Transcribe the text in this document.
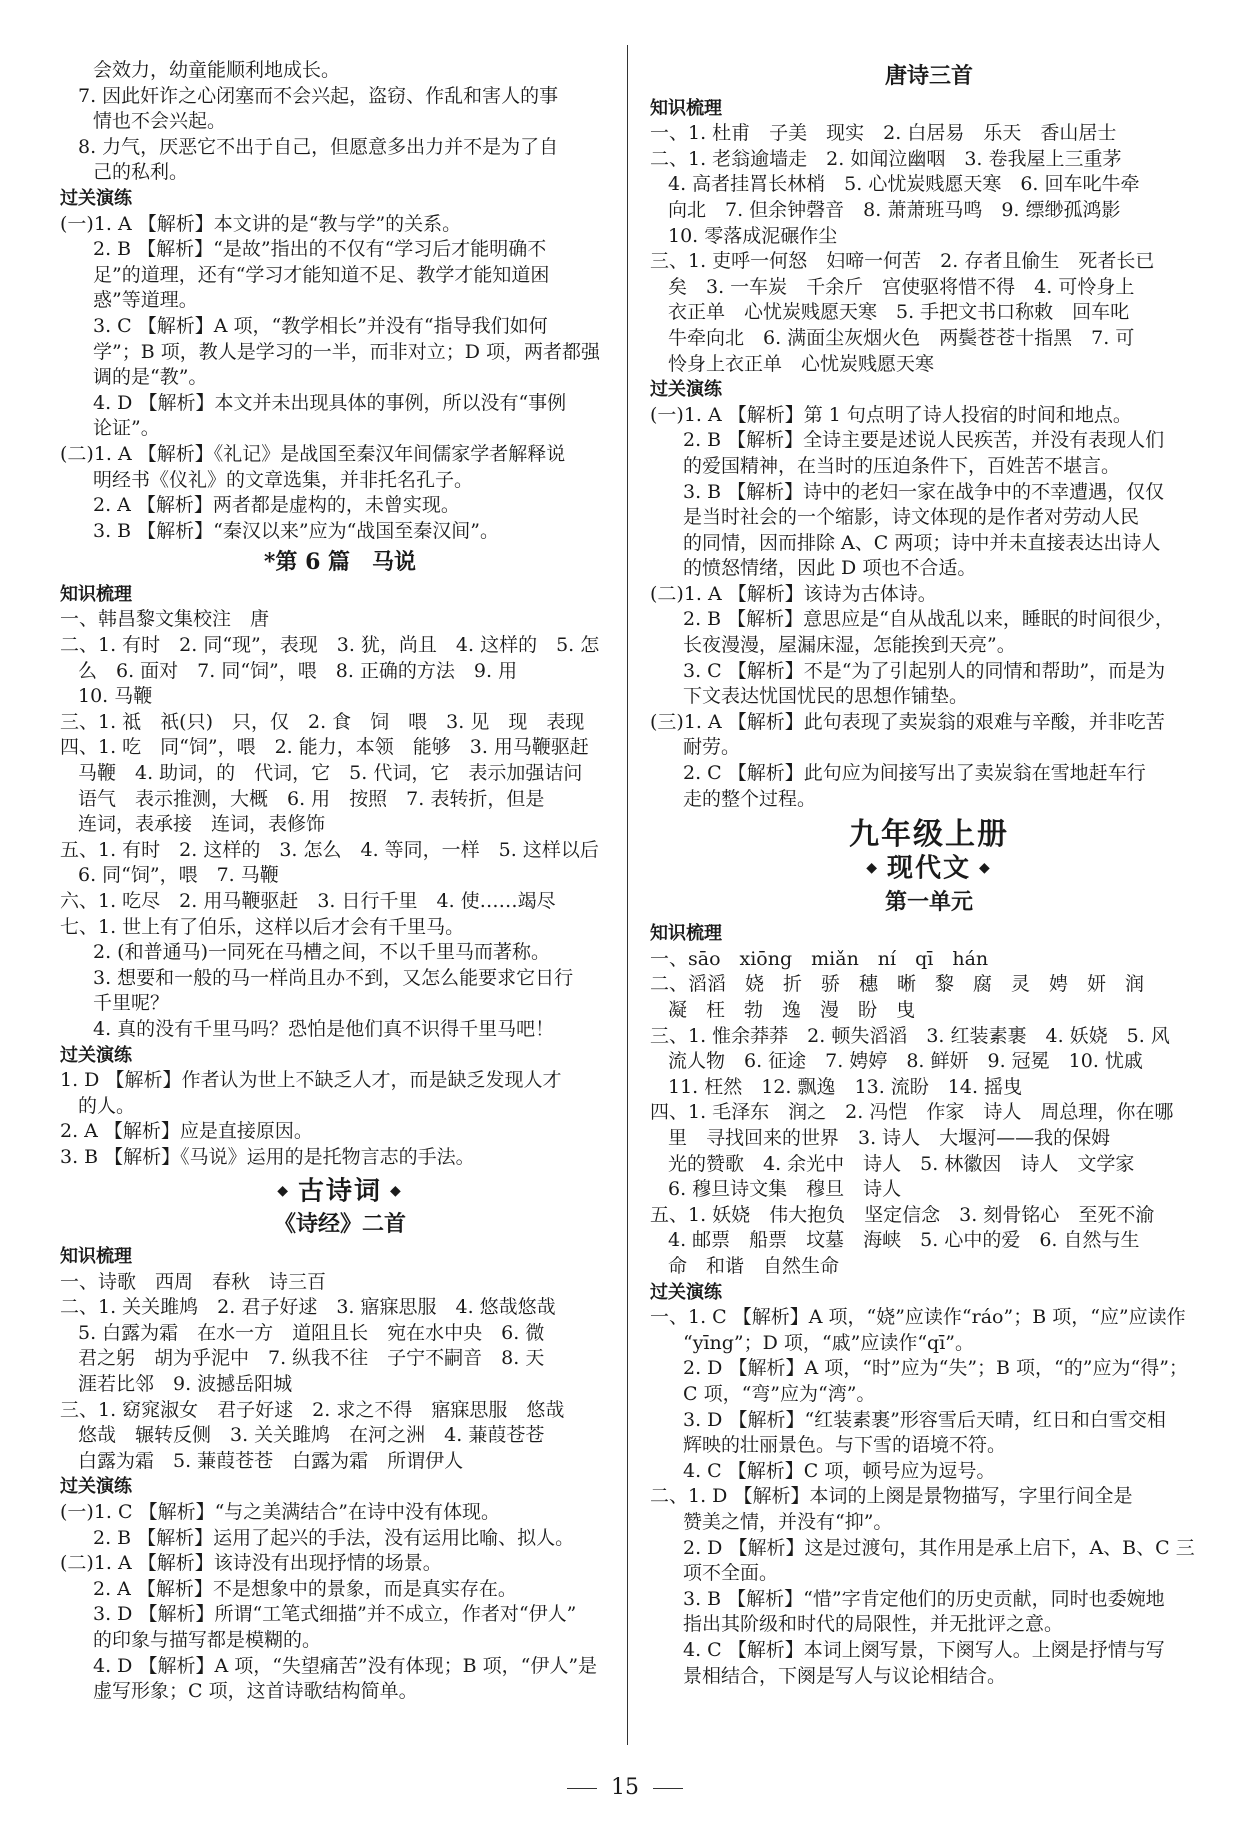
会效力，幼童能顺利地成长。
7. 因此奸诈之心闭塞而不会兴起，盗窃、作乱和害人的事
情也不会兴起。
8. 力气，厌恶它不出于自己，但愿意多出力并不是为了自
己的私利。
过关演练
(一)1. A 【解析】本文讲的是“教与学”的关系。
2. B 【解析】“是故”指出的不仅有“学习后才能明确不
足”的道理，还有“学习才能知道不足、教学才能知道困
惑”等道理。
3. C 【解析】A 项，“教学相长”并没有“指导我们如何
学”；B 项，教人是学习的一半，而非对立；D 项，两者都强
调的是“教”。
4. D 【解析】本文并未出现具体的事例，所以没有“事例
论证”。
(二)1. A 【解析】《礼记》是战国至秦汉年间儒家学者解释说
明经书《仪礼》的文章选集，并非托名孔子。
2. A 【解析】两者都是虚构的，未曾实现。
3. B 【解析】“秦汉以来”应为“战国至秦汉间”。
*第 6 篇　马说
知识梳理
一、韩昌黎文集校注　唐
二、1. 有时　2. 同“现”，表现　3. 犹，尚且　4. 这样的　5. 怎
么　6. 面对　7. 同“饲”，喂　8. 正确的方法　9. 用
10. 马鞭
三、1. 祗　祇(只)　只，仅　2. 食　饲　喂　3. 见　现　表现
四、1. 吃　同“饲”，喂　2. 能力，本领　能够　3. 用马鞭驱赶
马鞭　4. 助词，的　代词，它　5. 代词，它　表示加强诘问
语气　表示推测，大概　6. 用　按照　7. 表转折，但是
连词，表承接　连词，表修饰
五、1. 有时　2. 这样的　3. 怎么　4. 等同，一样　5. 这样以后
6. 同“饲”，喂　7. 马鞭
六、1. 吃尽　2. 用马鞭驱赶　3. 日行千里　4. 使……竭尽
七、1. 世上有了伯乐，这样以后才会有千里马。
2. (和普通马)一同死在马槽之间，不以千里马而著称。
3. 想要和一般的马一样尚且办不到，又怎么能要求它日行
千里呢？
4. 真的没有千里马吗？恐怕是他们真不识得千里马吧！
过关演练
1. D 【解析】作者认为世上不缺乏人才，而是缺乏发现人才
的人。
2. A 【解析】应是直接原因。
3. B 【解析】《马说》运用的是托物言志的手法。
◆ 古诗词 ◆
《诗经》二首
知识梳理
一、诗歌　西周　春秋　诗三百
二、1. 关关雎鸠　2. 君子好逑　3. 寤寐思服　4. 悠哉悠哉
5. 白露为霜　在水一方　道阻且长　宛在水中央　6. 微
君之躬　胡为乎泥中　7. 纵我不往　子宁不嗣音　8. 天
涯若比邻　9. 波撼岳阳城
三、1. 窈窕淑女　君子好逑　2. 求之不得　寤寐思服　悠哉
悠哉　辗转反侧　3. 关关雎鸠　在河之洲　4. 蒹葭苍苍
白露为霜　5. 蒹葭苍苍　白露为霜　所谓伊人
过关演练
(一)1. C 【解析】“与之美满结合”在诗中没有体现。
2. B 【解析】运用了起兴的手法，没有运用比喻、拟人。
(二)1. A 【解析】该诗没有出现抒情的场景。
2. A 【解析】不是想象中的景象，而是真实存在。
3. D 【解析】所谓“工笔式细描”并不成立，作者对“伊人”
的印象与描写都是模糊的。
4. D 【解析】A 项，“失望痛苦”没有体现；B 项，“伊人”是
虚写形象；C 项，这首诗歌结构简单。
唐诗三首
知识梳理
一、1. 杜甫　子美　现实　2. 白居易　乐天　香山居士
二、1. 老翁逾墙走　2. 如闻泣幽咽　3. 卷我屋上三重茅
4. 高者挂罥长林梢　5. 心忧炭贱愿天寒　6. 回车叱牛牵
向北　7. 但余钟磬音　8. 萧萧班马鸣　9. 缥缈孤鸿影
10. 零落成泥碾作尘
三、1. 吏呼一何怒　妇啼一何苦　2. 存者且偷生　死者长已
矣　3. 一车炭　千余斤　宫使驱将惜不得　4. 可怜身上
衣正单　心忧炭贱愿天寒　5. 手把文书口称敕　回车叱
牛牵向北　6. 满面尘灰烟火色　两鬓苍苍十指黑　7. 可
怜身上衣正单　心忧炭贱愿天寒
过关演练
(一)1. A 【解析】第 1 句点明了诗人投宿的时间和地点。
2. B 【解析】全诗主要是述说人民疾苦，并没有表现人们
的爱国精神，在当时的压迫条件下，百姓苦不堪言。
3. B 【解析】诗中的老妇一家在战争中的不幸遭遇，仅仅
是当时社会的一个缩影，诗文体现的是作者对劳动人民
的同情，因而排除 A、C 两项；诗中并未直接表达出诗人
的愤怒情绪，因此 D 项也不合适。
(二)1. A 【解析】该诗为古体诗。
2. B 【解析】意思应是“自从战乱以来，睡眠的时间很少，
长夜漫漫，屋漏床湿，怎能挨到天亮”。
3. C 【解析】不是“为了引起别人的同情和帮助”，而是为
下文表达忧国忧民的思想作铺垫。
(三)1. A 【解析】此句表现了卖炭翁的艰难与辛酸，并非吃苦
耐劳。
2. C 【解析】此句应为间接写出了卖炭翁在雪地赶车行
走的整个过程。
九年级上册
◆ 现代文 ◆
第一单元
知识梳理
一、sāo　xiōng　miǎn　ní　qī　hán
二、滔滔　娆　折　骄　穗　晰　黎　腐　灵　娉　妍　润
凝　枉　勃　逸　漫　盼　曳
三、1. 惟余莽莽　2. 顿失滔滔　3. 红装素裹　4. 妖娆　5. 风
流人物　6. 征途　7. 娉婷　8. 鲜妍　9. 冠冕　10. 忧戚
11. 枉然　12. 飘逸　13. 流盼　14. 摇曳
四、1. 毛泽东　润之　2. 冯恺　作家　诗人　周总理，你在哪
里　寻找回来的世界　3. 诗人　大堰河——我的保姆
光的赞歌　4. 余光中　诗人　5. 林徽因　诗人　文学家
6. 穆旦诗文集　穆旦　诗人
五、1. 妖娆　伟大抱负　坚定信念　3. 刻骨铭心　至死不渝
4. 邮票　船票　坟墓　海峡　5. 心中的爱　6. 自然与生
命　和谐　自然生命
过关演练
一、1. C 【解析】A 项，“娆”应读作“ráo”；B 项，“应”应读作
“yīng”；D 项，“戚”应读作“qī”。
2. D 【解析】A 项，“时”应为“失”；B 项，“的”应为“得”；
C 项，“弯”应为“湾”。
3. D 【解析】“红装素裹”形容雪后天晴，红日和白雪交相
辉映的壮丽景色。与下雪的语境不符。
4. C 【解析】C 项，顿号应为逗号。
二、1. D 【解析】本词的上阕是景物描写，字里行间全是
赞美之情，并没有“抑”。
2. D 【解析】这是过渡句，其作用是承上启下，A、B、C 三
项不全面。
3. B 【解析】“惜”字肯定他们的历史贡献，同时也委婉地
指出其阶级和时代的局限性，并无批评之意。
4. C 【解析】本词上阕写景，下阕写人。上阕是抒情与写
景相结合，下阕是写人与议论相结合。
15
